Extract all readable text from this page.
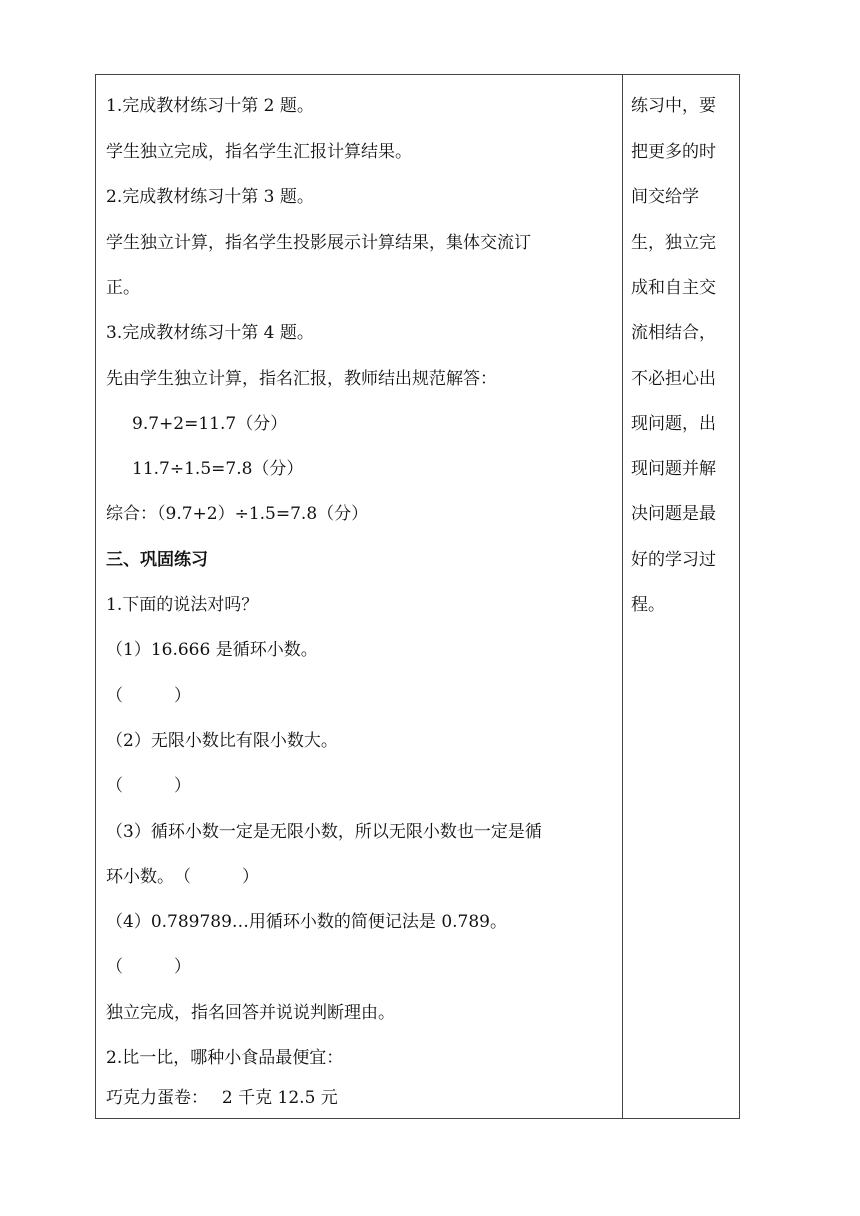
1.完成教材练习十第 2 题。
学生独立完成，指名学生汇报计算结果。
2.完成教材练习十第 3 题。
学生独立计算，指名学生投影展示计算结果，集体交流订
正。
3.完成教材练习十第 4 题。
先由学生独立计算，指名汇报，教师结出规范解答：
9.7+2=11.7（分）
11.7÷1.5=7.8（分）
综合：（9.7+2）÷1.5=7.8（分）
三、巩固练习
1.下面的说法对吗？
（1）16.666 是循环小数。
（　　　）
（2）无限小数比有限小数大。
（　　　）
（3）循环小数一定是无限小数，所以无限小数也一定是循
环小数。　（　　　）
（4）0.789789…用循环小数的简便记法是 0.789。
（　　　）
独立完成，指名回答并说说判断理由。
2.比一比，哪种小食品最便宜：
巧克力蛋卷：　 2 千克 12.5 元
练习中，要
把更多的时
间交给学
生，独立完
成和自主交
流相结合，
不必担心出
现问题，出
现问题并解
决问题是最
好的学习过
程。
